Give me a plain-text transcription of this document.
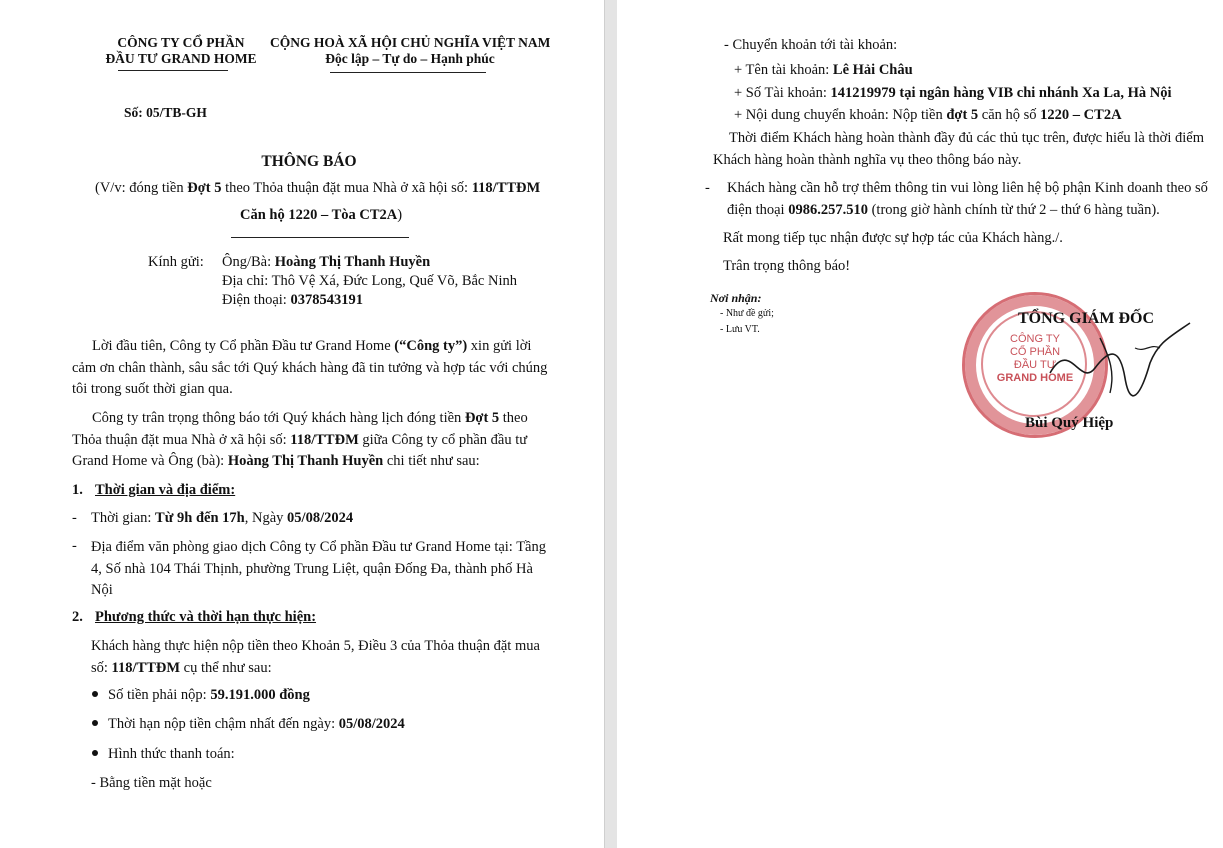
CÔNG TY CỔ PHẦN
ĐẦU TƯ GRAND HOME
CỘNG HOÀ XÃ HỘI CHỦ NGHĨA VIỆT NAM
Độc lập – Tự do – Hạnh phúc
Số: 05/TB-GH
THÔNG BÁO
(V/v: đóng tiền Đợt 5 theo Thỏa thuận đặt mua Nhà ở xã hội số: 118/TTĐM
Căn hộ 1220 – Tòa CT2A)
Kính gửi: Ông/Bà: Hoàng Thị Thanh Huyền
Địa chỉ: Thô Vệ Xá, Đức Long, Quế Võ, Bắc Ninh
Điện thoại: 0378543191
Lời đầu tiên, Công ty Cổ phần Đầu tư Grand Home (“Công ty”) xin gửi lời
cảm ơn chân thành, sâu sắc tới Quý khách hàng đã tin tưởng và hợp tác với chúng
tôi trong suốt thời gian qua.
Công ty trân trọng thông báo tới Quý khách hàng lịch đóng tiền Đợt 5 theo
Thỏa thuận đặt mua Nhà ở xã hội số: 118/TTĐM giữa Công ty cổ phần đầu tư
Grand Home và Ông (bà): Hoàng Thị Thanh Huyền chi tiết như sau:
1. Thời gian và địa điểm:
- Thời gian: Từ 9h đến 17h, Ngày 05/08/2024
- Địa điểm văn phòng giao dịch Công ty Cổ phần Đầu tư Grand Home tại: Tầng
4, Số nhà 104 Thái Thịnh, phường Trung Liệt, quận Đống Đa, thành phố Hà
Nội
2. Phương thức và thời hạn thực hiện:
Khách hàng thực hiện nộp tiền theo Khoản 5, Điều 3 của Thỏa thuận đặt mua
số: 118/TTĐM cụ thể như sau:
Số tiền phải nộp: 59.191.000 đồng
Thời hạn nộp tiền chậm nhất đến ngày: 05/08/2024
Hình thức thanh toán:
- Bằng tiền mặt hoặc
- Chuyển khoản tới tài khoản:
+ Tên tài khoản: Lê Hải Châu
+ Số Tài khoản: 141219979 tại ngân hàng VIB chi nhánh Xa La, Hà Nội
+ Nội dung chuyển khoản: Nộp tiền đợt 5 căn hộ số 1220 – CT2A
Thời điểm Khách hàng hoàn thành đầy đủ các thủ tục trên, được hiểu là thời điểm
Khách hàng hoàn thành nghĩa vụ theo thông báo này.
- Khách hàng cần hỗ trợ thêm thông tin vui lòng liên hệ bộ phận Kinh doanh theo số
điện thoại 0986.257.510 (trong giờ hành chính từ thứ 2 – thứ 6 hàng tuần).
Rất mong tiếp tục nhận được sự hợp tác của Khách hàng./.
Trân trọng thông báo!
Nơi nhận:
- Như đề gửi;
- Lưu VT.
CÔNG TY
CỔ PHẦN
ĐẦU TƯ
GRAND HOME
TỔNG GIÁM ĐỐC
Bùi Quý Hiệp
